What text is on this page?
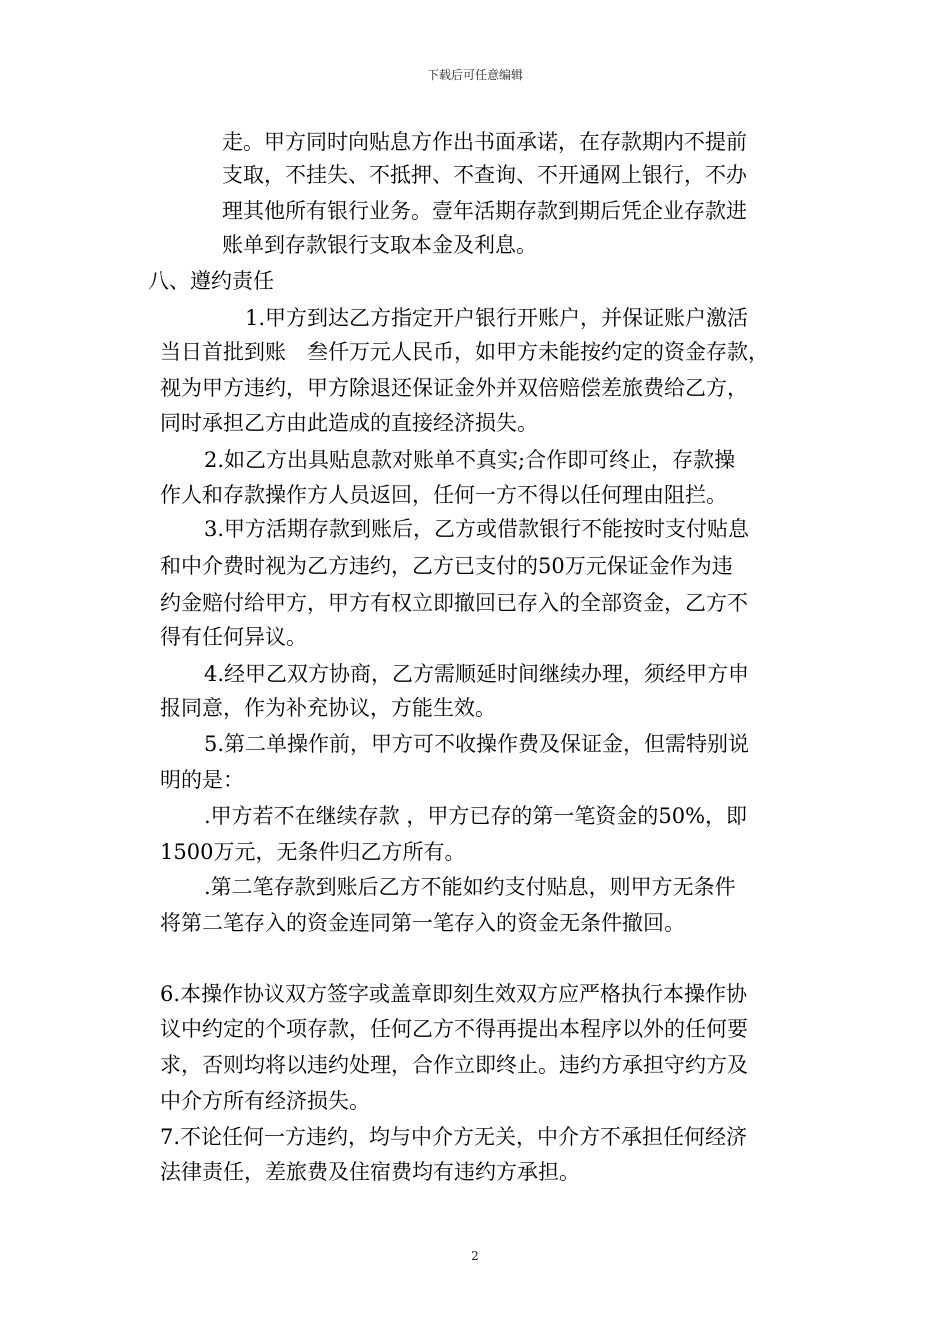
下载后可任意编辑
走。甲方同时向贴息方作出书面承诺，在存款期内不提前
支取，不挂失、不抵押、不查询、不开通网上银行，不办
理其他所有银行业务。壹年活期存款到期后凭企业存款进
账单到存款银行支取本金及利息。
八、遵约责任
1.甲方到达乙方指定开户银行开账户，并保证账户激活
当日首批到账　叁仟万元人民币，如甲方未能按约定的资金存款，
视为甲方违约，甲方除退还保证金外并双倍赔偿差旅费给乙方，
同时承担乙方由此造成的直接经济损失。
2.如乙方出具贴息款对账单不真实;合作即可终止，存款操
作人和存款操作方人员返回，任何一方不得以任何理由阻拦。
3.甲方活期存款到账后，乙方或借款银行不能按时支付贴息
和中介费时视为乙方违约，乙方已支付的50万元保证金作为违
约金赔付给甲方，甲方有权立即撤回已存入的全部资金，乙方不
得有任何异议。
4.经甲乙双方协商，乙方需顺延时间继续办理，须经甲方申
报同意，作为补充协议，方能生效。
5.第二单操作前，甲方可不收操作费及保证金，但需特别说
明的是：
.甲方若不在继续存款 ，甲方已存的第一笔资金的50%，即
1500万元，无条件归乙方所有。
.第二笔存款到账后乙方不能如约支付贴息，则甲方无条件
将第二笔存入的资金连同第一笔存入的资金无条件撤回。
6.本操作协议双方签字或盖章即刻生效双方应严格执行本操作协
议中约定的个项存款，任何乙方不得再提出本程序以外的任何要
求，否则均将以违约处理，合作立即终止。违约方承担守约方及
中介方所有经济损失。
7.不论任何一方违约，均与中介方无关，中介方不承担任何经济
法律责任，差旅费及住宿费均有违约方承担。
2
